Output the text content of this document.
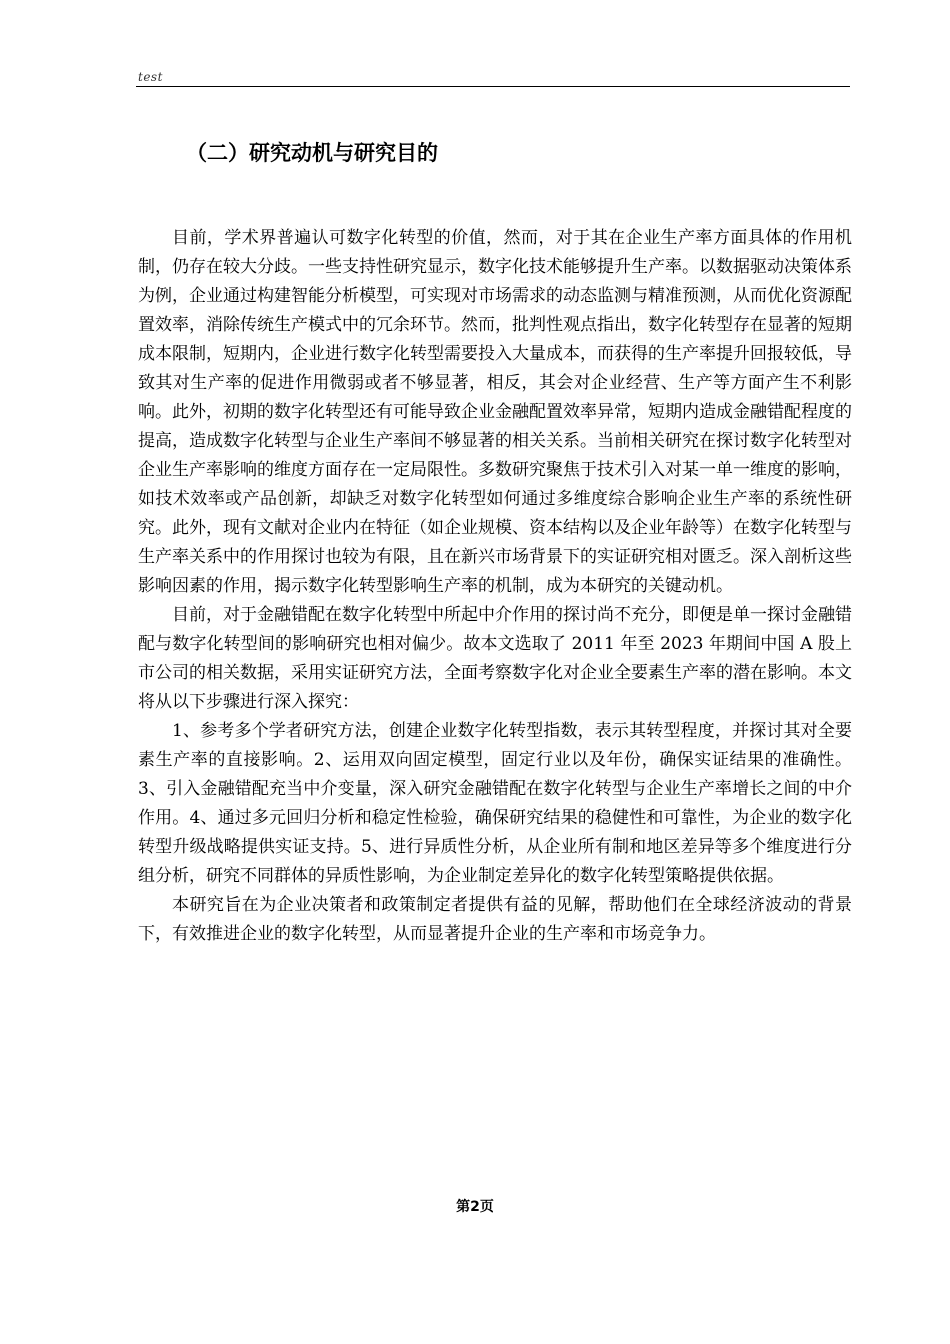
test
（二）研究动机与研究目的

目前，学术界普遍认可数字化转型的价值，然而，对于其在企业生产率方面具体的作用机制，仍存在较大分歧。一些支持性研究显示，数字化技术能够提升生产率。以数据驱动决策体系为例，企业通过构建智能分析模型，可实现对市场需求的动态监测与精准预测，从而优化资源配置效率，消除传统生产模式中的冗余环节。然而，批判性观点指出，数字化转型存在显著的短期成本限制，短期内，企业进行数字化转型需要投入大量成本，而获得的生产率提升回报较低，导致其对生产率的促进作用微弱或者不够显著，相反，其会对企业经营、生产等方面产生不利影响。此外，初期的数字化转型还有可能导致企业金融配置效率异常，短期内造成金融错配程度的提高，造成数字化转型与企业生产率间不够显著的相关关系。当前相关研究在探讨数字化转型对企业生产率影响的维度方面存在一定局限性。多数研究聚焦于技术引入对某一单一维度的影响，如技术效率或产品创新，却缺乏对数字化转型如何通过多维度综合影响企业生产率的系统性研究。此外，现有文献对企业内在特征（如企业规模、资本结构以及企业年龄等）在数字化转型与生产率关系中的作用探讨也较为有限，且在新兴市场背景下的实证研究相对匮乏。深入剖析这些影响因素的作用，揭示数字化转型影响生产率的机制，成为本研究的关键动机。

目前，对于金融错配在数字化转型中所起中介作用的探讨尚不充分，即便是单一探讨金融错配与数字化转型间的影响研究也相对偏少。故本文选取了 2011 年至 2023 年期间中国 A 股上市公司的相关数据，采用实证研究方法，全面考察数字化对企业全要素生产率的潜在影响。本文将从以下步骤进行深入探究：

1、参考多个学者研究方法，创建企业数字化转型指数，表示其转型程度，并探讨其对全要素生产率的直接影响。2、运用双向固定模型，固定行业以及年份，确保实证结果的准确性。3、引入金融错配充当中介变量，深入研究金融错配在数字化转型与企业生产率增长之间的中介作用。4、通过多元回归分析和稳定性检验，确保研究结果的稳健性和可靠性，为企业的数字化转型升级战略提供实证支持。5、进行异质性分析，从企业所有制和地区差异等多个维度进行分组分析，研究不同群体的异质性影响，为企业制定差异化的数字化转型策略提供依据。

本研究旨在为企业决策者和政策制定者提供有益的见解，帮助他们在全球经济波动的背景下，有效推进企业的数字化转型，从而显著提升企业的生产率和市场竞争力。

第2页
